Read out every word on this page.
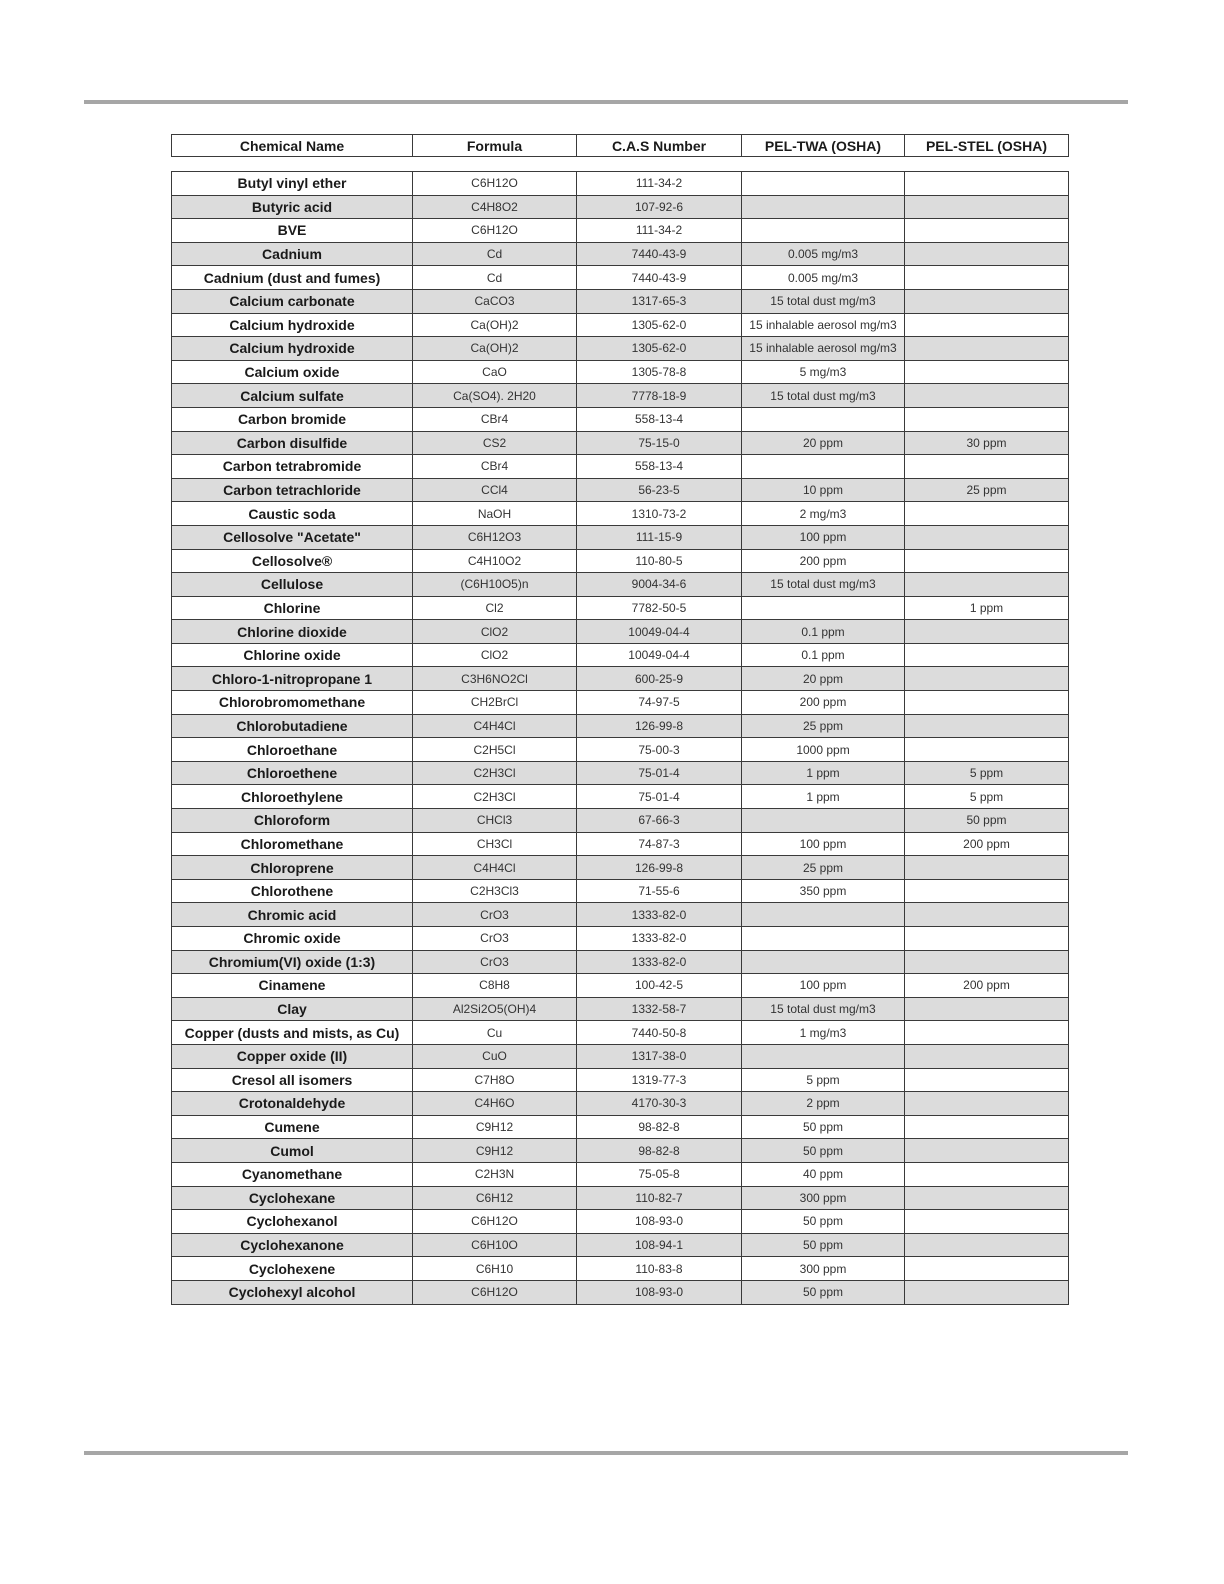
Chemical Name	Formula	C.A.S Number	PEL-TWA (OSHA)	PEL-STEL (OSHA)
Butyl vinyl ether	C6H12O	111-34-2		
Butyric acid	C4H8O2	107-92-6		
BVE	C6H12O	111-34-2		
Cadnium	Cd	7440-43-9	0.005 mg/m3	
Cadnium (dust and fumes)	Cd	7440-43-9	0.005 mg/m3	
Calcium carbonate	CaCO3	1317-65-3	15 total dust mg/m3	
Calcium hydroxide	Ca(OH)2	1305-62-0	15 inhalable aerosol mg/m3	
Calcium hydroxide	Ca(OH)2	1305-62-0	15 inhalable aerosol mg/m3	
Calcium oxide	CaO	1305-78-8	5 mg/m3	
Calcium sulfate	Ca(SO4). 2H20	7778-18-9	15 total dust mg/m3	
Carbon bromide	CBr4	558-13-4		
Carbon disulfide	CS2	75-15-0	20 ppm	30 ppm
Carbon tetrabromide	CBr4	558-13-4		
Carbon tetrachloride	CCl4	56-23-5	10 ppm	25 ppm
Caustic soda	NaOH	1310-73-2	2 mg/m3	
Cellosolve "Acetate"	C6H12O3	111-15-9	100 ppm	
Cellosolve®	C4H10O2	110-80-5	200 ppm	
Cellulose	(C6H10O5)n	9004-34-6	15 total dust mg/m3	
Chlorine	Cl2	7782-50-5		1 ppm
Chlorine dioxide	ClO2	10049-04-4	0.1 ppm	
Chlorine oxide	ClO2	10049-04-4	0.1 ppm	
Chloro-1-nitropropane 1	C3H6NO2Cl	600-25-9	20 ppm	
Chlorobromomethane	CH2BrCl	74-97-5	200 ppm	
Chlorobutadiene	C4H4Cl	126-99-8	25 ppm	
Chloroethane	C2H5Cl	75-00-3	1000 ppm	
Chloroethene	C2H3Cl	75-01-4	1 ppm	5 ppm
Chloroethylene	C2H3Cl	75-01-4	1 ppm	5 ppm
Chloroform	CHCl3	67-66-3		50 ppm
Chloromethane	CH3Cl	74-87-3	100 ppm	200 ppm
Chloroprene	C4H4Cl	126-99-8	25 ppm	
Chlorothene	C2H3Cl3	71-55-6	350 ppm	
Chromic acid	CrO3	1333-82-0		
Chromic oxide	CrO3	1333-82-0		
Chromium(VI) oxide (1:3)	CrO3	1333-82-0		
Cinamene	C8H8	100-42-5	100 ppm	200 ppm
Clay	Al2Si2O5(OH)4	1332-58-7	15 total dust mg/m3	
Copper (dusts and mists, as Cu)	Cu	7440-50-8	1 mg/m3	
Copper oxide (II)	CuO	1317-38-0		
Cresol all isomers	C7H8O	1319-77-3	5 ppm	
Crotonaldehyde	C4H6O	4170-30-3	2 ppm	
Cumene	C9H12	98-82-8	50 ppm	
Cumol	C9H12	98-82-8	50 ppm	
Cyanomethane	C2H3N	75-05-8	40 ppm	
Cyclohexane	C6H12	110-82-7	300 ppm	
Cyclohexanol	C6H12O	108-93-0	50 ppm	
Cyclohexanone	C6H10O	108-94-1	50 ppm	
Cyclohexene	C6H10	110-83-8	300 ppm	
Cyclohexyl alcohol	C6H12O	108-93-0	50 ppm	
